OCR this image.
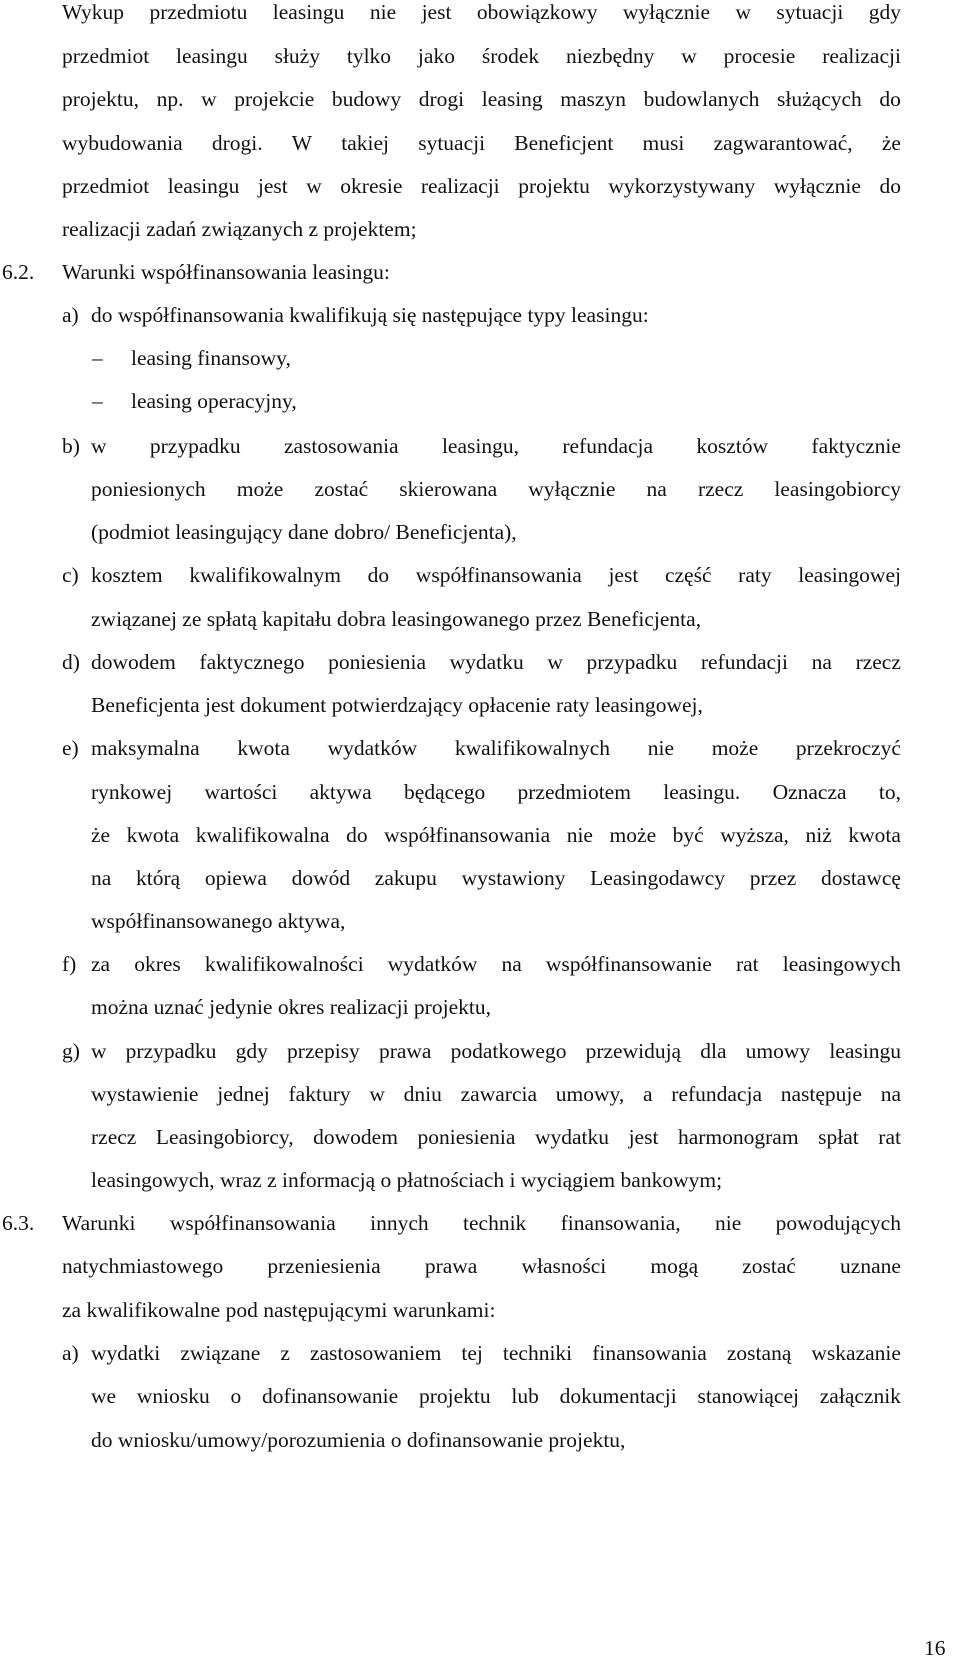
Wykup przedmiotu leasingu nie jest obowiązkowy wyłącznie w sytuacji gdy
przedmiot leasingu służy tylko jako środek niezbędny w procesie realizacji
projektu, np. w projekcie budowy drogi leasing maszyn budowlanych służących do
wybudowania drogi. W takiej sytuacji Beneficjent musi zagwarantować, że
przedmiot leasingu jest w okresie realizacji projektu wykorzystywany wyłącznie do
realizacji zadań związanych z projektem;
6.2. Warunki współfinansowania leasingu:
a) do współfinansowania kwalifikują się następujące typy leasingu:
– leasing finansowy,
– leasing operacyjny,
b) w przypadku zastosowania leasingu, refundacja kosztów faktycznie
poniesionych może zostać skierowana wyłącznie na rzecz leasingobiorcy
(podmiot leasingujący dane dobro/ Beneficjenta),
c) kosztem kwalifikowalnym do współfinansowania jest część raty leasingowej
związanej ze spłatą kapitału dobra leasingowanego przez Beneficjenta,
d) dowodem faktycznego poniesienia wydatku w przypadku refundacji na rzecz
Beneficjenta jest dokument potwierdzający opłacenie raty leasingowej,
e) maksymalna kwota wydatków kwalifikowalnych nie może przekroczyć
rynkowej wartości aktywa będącego przedmiotem leasingu. Oznacza to,
że kwota kwalifikowalna do współfinansowania nie może być wyższa, niż kwota
na którą opiewa dowód zakupu wystawiony Leasingodawcy przez dostawcę
współfinansowanego aktywa,
f) za okres kwalifikowalności wydatków na współfinansowanie rat leasingowych
można uznać jedynie okres realizacji projektu,
g) w przypadku gdy przepisy prawa podatkowego przewidują dla umowy leasingu
wystawienie jednej faktury w dniu zawarcia umowy, a refundacja następuje na
rzecz Leasingobiorcy, dowodem poniesienia wydatku jest harmonogram spłat rat
leasingowych, wraz z informacją o płatnościach i wyciągiem bankowym;
6.3. Warunki współfinansowania innych technik finansowania, nie powodujących
natychmiastowego przeniesienia prawa własności mogą zostać uznane
za kwalifikowalne pod następującymi warunkami:
a) wydatki związane z zastosowaniem tej techniki finansowania zostaną wskazanie
we wniosku o dofinansowanie projektu lub dokumentacji stanowiącej załącznik
do wniosku/umowy/porozumienia o dofinansowanie projektu,
16
